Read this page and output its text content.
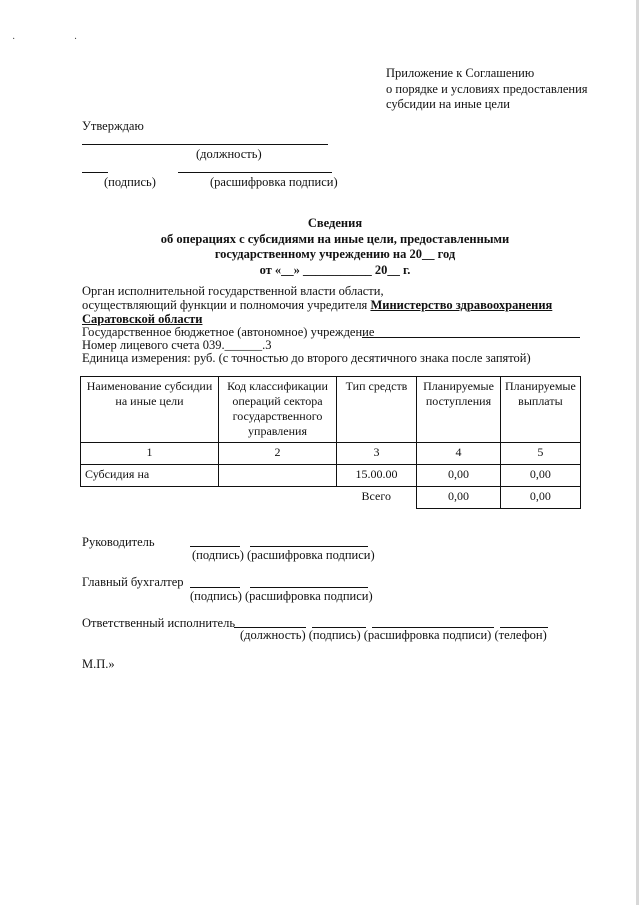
· ·
Приложение к Соглашению
о порядке и условиях предоставления
субсидии на иные цели
Утверждаю
(должность)
(подпись)	(расшифровка подписи)
Сведения
об операциях с субсидиями на иные цели, предоставленными
государственному учреждению на 20__ год
от «__» ___________ 20__ г.
Орган исполнительной государственной власти области,
осуществляющий функции и полномочия учредителя Министерство здравоохранения
Саратовской области
Государственное бюджетное (автономное) учреждение
Номер лицевого счета 039.______.3
Единица измерения: руб. (с точностью до второго десятичного знака после запятой)
Наименование субсидии на иные цели	Код классификации операций сектора государственного управления	Тип средств	Планируемые поступления	Планируемые выплаты
1	2	3	4	5
Субсидия на		15.00.00	0,00	0,00
		Всего	0,00	0,00
Руководитель
(подпись) (расшифровка подписи)
Главный бухгалтер
(подпись) (расшифровка подписи)
Ответственный исполнитель
(должность) (подпись) (расшифровка подписи) (телефон)
М.П.»
